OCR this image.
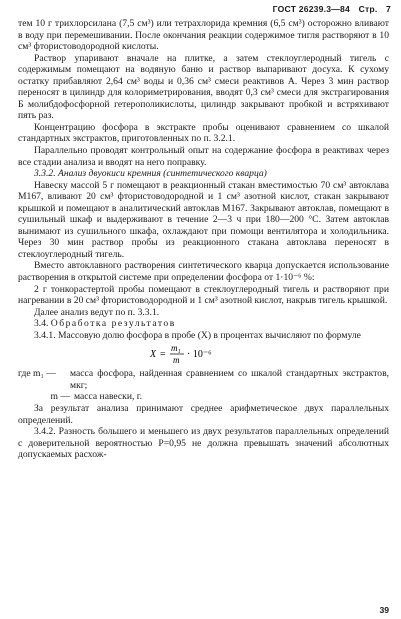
ГОСТ 26239.3—84 Стр. 7

тем 10 г трихлорсилана (7,5 см³) или тетрахлорида кремния (6,5 см³) осторожно вливают в воду при перемешивании. После окончания реакции содержимое тигля растворяют в 10 см³ фтористоводородной кислоты.

Раствор упаривают вначале на плитке, а затем стеклоуглеродный тигель с содержимым помещают на водяную баню и раствор выпаривают досуха. К сухому остатку прибавляют 2,64 см³ воды и 0,36 см³ смеси реактивов А. Через 3 мин раствор переносят в цилиндр для колориметрирования, вводят 0,3 см³ смеси для экстрагирования Б молибдофосфорной гетерополикислоты, цилиндр закрывают пробкой и встряхивают пять раз.

Концентрацию фосфора в экстракте пробы оценивают сравнением со шкалой стандартных экстрактов, приготовленных по п. 3.2.1.

Параллельно проводят контрольный опыт на содержание фосфора в реактивах через все стадии анализа и вводят на него поправку.

3.3.2. Анализ двуокиси кремния (синтетического кварца)

Навеску массой 5 г помещают в реакционный стакан вместимостью 70 см³ автоклава М167, вливают 20 см³ фтористоводородной и 1 см³ азотной кислот, стакан закрывают крышкой и помещают в аналитический автоклав М167. Закрывают автоклав, помещают в сушильный шкаф и выдерживают в течение 2—3 ч при 180—200 °С. Затем автоклав вынимают из сушильного шкафа, охлаждают при помощи вентилятора и холодильника. Через 30 мин раствор пробы из реакционного стакана автоклава переносят в стеклоуглеродный тигель.

Вместо автоклавного растворения синтетического кварца допускается использование растворения в открытой системе при определении фосфора от 1·10⁻⁶ %:

2 г тонкорастертой пробы помещают в стеклоуглеродный тигель и растворяют при нагревании в 20 см³ фтористоводородной и 1 см³ азотной кислот, накрыв тигель крышкой.

Далее анализ ведут по п. 3.3.1.

3.4. Обработка результатов

3.4.1. Массовую долю фосфора в пробе (X) в процентах вычисляют по формуле

X =
m₁
m · 10⁻⁶
где m₁ —	масса фосфора, найденная сравнением со шкалой стандартных экстрактов, мкг;
m — масса навески, г.

За результат анализа принимают среднее арифметическое двух параллельных определений.

3.4.2. Разность большего и меньшего из двух результатов параллельных определений с доверительной вероятностью P=0,95 не должна превышать значений абсолютных допускаемых расхож-

39
